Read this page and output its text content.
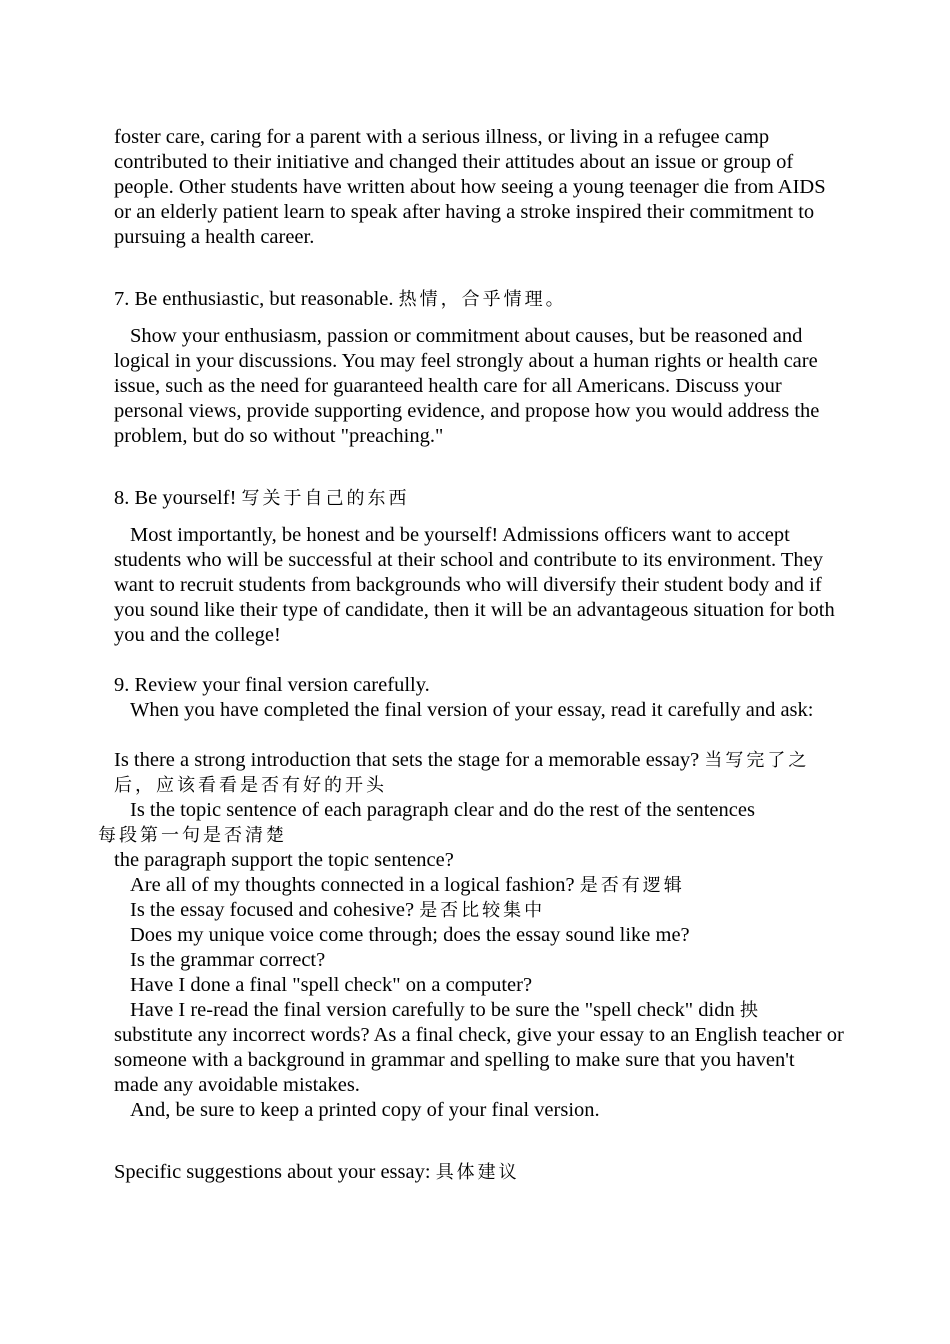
foster care, caring for a parent with a serious illness, or living in a refugee camp contributed to their initiative and changed their attitudes about an issue or group of people. Other students have written about how seeing a young teenager die from AIDS or an elderly patient learn to speak after having a stroke inspired their commitment to pursuing a health career.

7. Be enthusiastic, but reasonable. 热情，合乎情理。

Show your enthusiasm, passion or commitment about causes, but be reasoned and logical in your discussions. You may feel strongly about a human rights or health care issue, such as the need for guaranteed health care for all Americans. Discuss your personal views, provide supporting evidence, and propose how you would address the problem, but do so without "preaching."

8. Be yourself! 写关于自己的东西

Most importantly, be honest and be yourself! Admissions officers want to accept students who will be successful at their school and contribute to its environment. They want to recruit students from backgrounds who will diversify their student body and if you sound like their type of candidate, then it will be an advantageous situation for both you and the college!

9. Review your final version carefully.

When you have completed the final version of your essay, read it carefully and ask:

Is there a strong introduction that sets the stage for a memorable essay? 当写完了之后，应该看看是否有好的开头

Is the topic sentence of each paragraph clear and do the rest of the sentences
每段第一句是否清楚

the paragraph support the topic sentence?

Are all of my thoughts connected in a logical fashion? 是否有逻辑

Is the essay focused and cohesive? 是否比较集中

Does my unique voice come through; does the essay sound like me?

Is the grammar correct?

Have I done a final "spell check" on a computer?

Have I re-read the final version carefully to be sure the "spell check" didn 抰 substitute any incorrect words? As a final check, give your essay to an English teacher or someone with a background in grammar and spelling to make sure that you haven't made any avoidable mistakes.

And, be sure to keep a printed copy of your final version.

Specific suggestions about your essay: 具体建议
